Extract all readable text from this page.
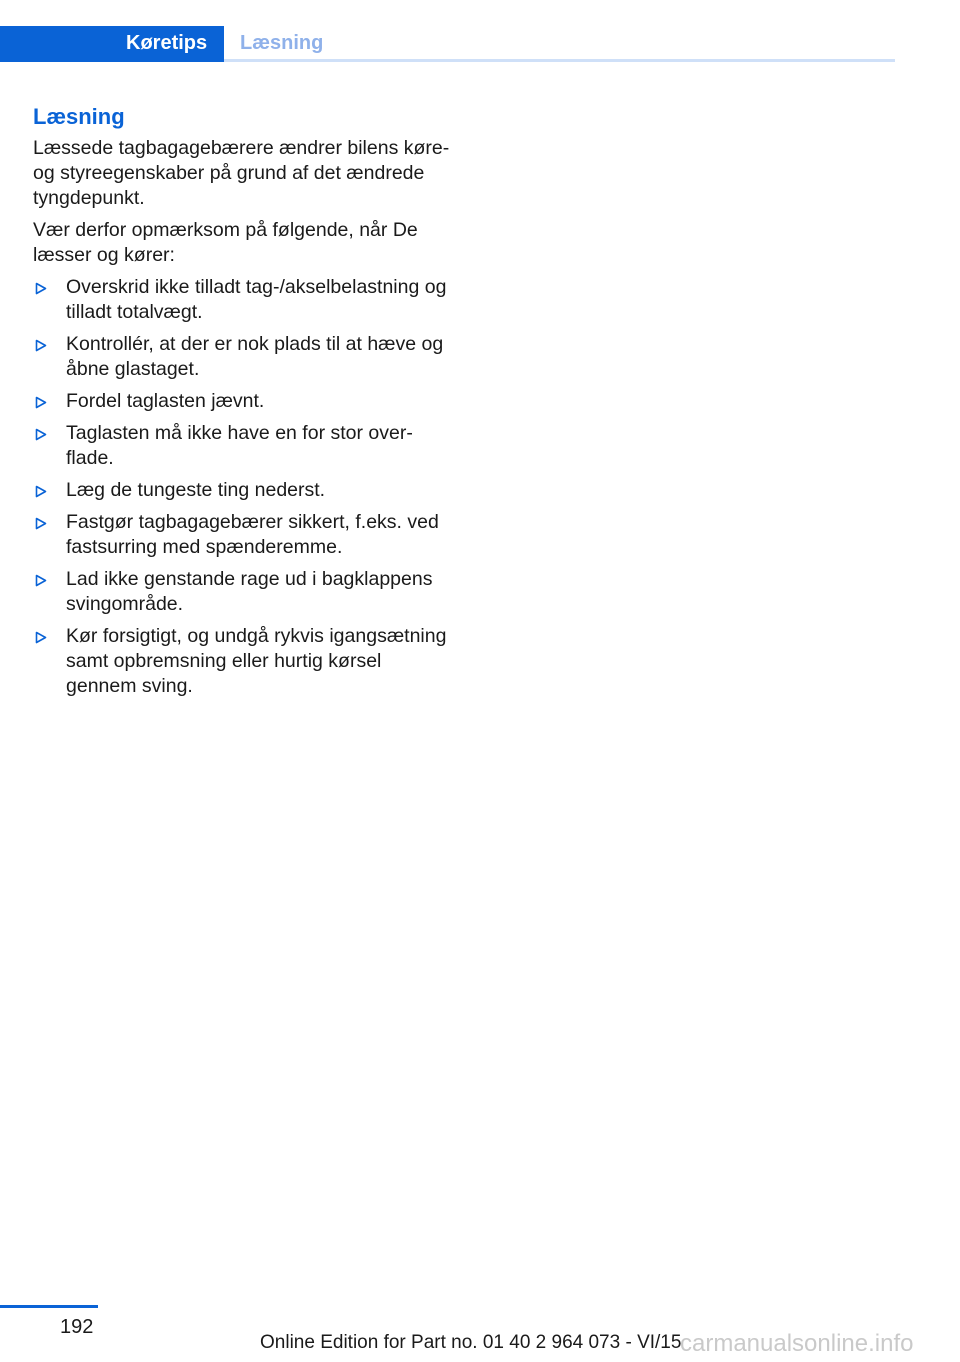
Køretips	Læsning
Læsning

Læssede tagbagagebærere ændrer bilens køre- og styreegenskaber på grund af det ændrede tyngdepunkt.

Vær derfor opmærksom på følgende, når De læsser og kører:

Overskrid ikke tilladt tag-/akselbelastning og tilladt totalvægt.
Kontrollér, at der er nok plads til at hæve og åbne glastaget.
Fordel taglasten jævnt.
Taglasten må ikke have en for stor overflade.
Læg de tungeste ting nederst.
Fastgør tagbagagebærer sikkert, f.eks. ved fastsurring med spænderemme.
Lad ikke genstande rage ud i bagklappens svingområde.
Kør forsigtigt, og undgå rykvis igangsætning samt opbremsning eller hurtig kørsel gennem sving.
192
Online Edition for Part no. 01 40 2 964 073 - VI/15
carmanualsonline.info
